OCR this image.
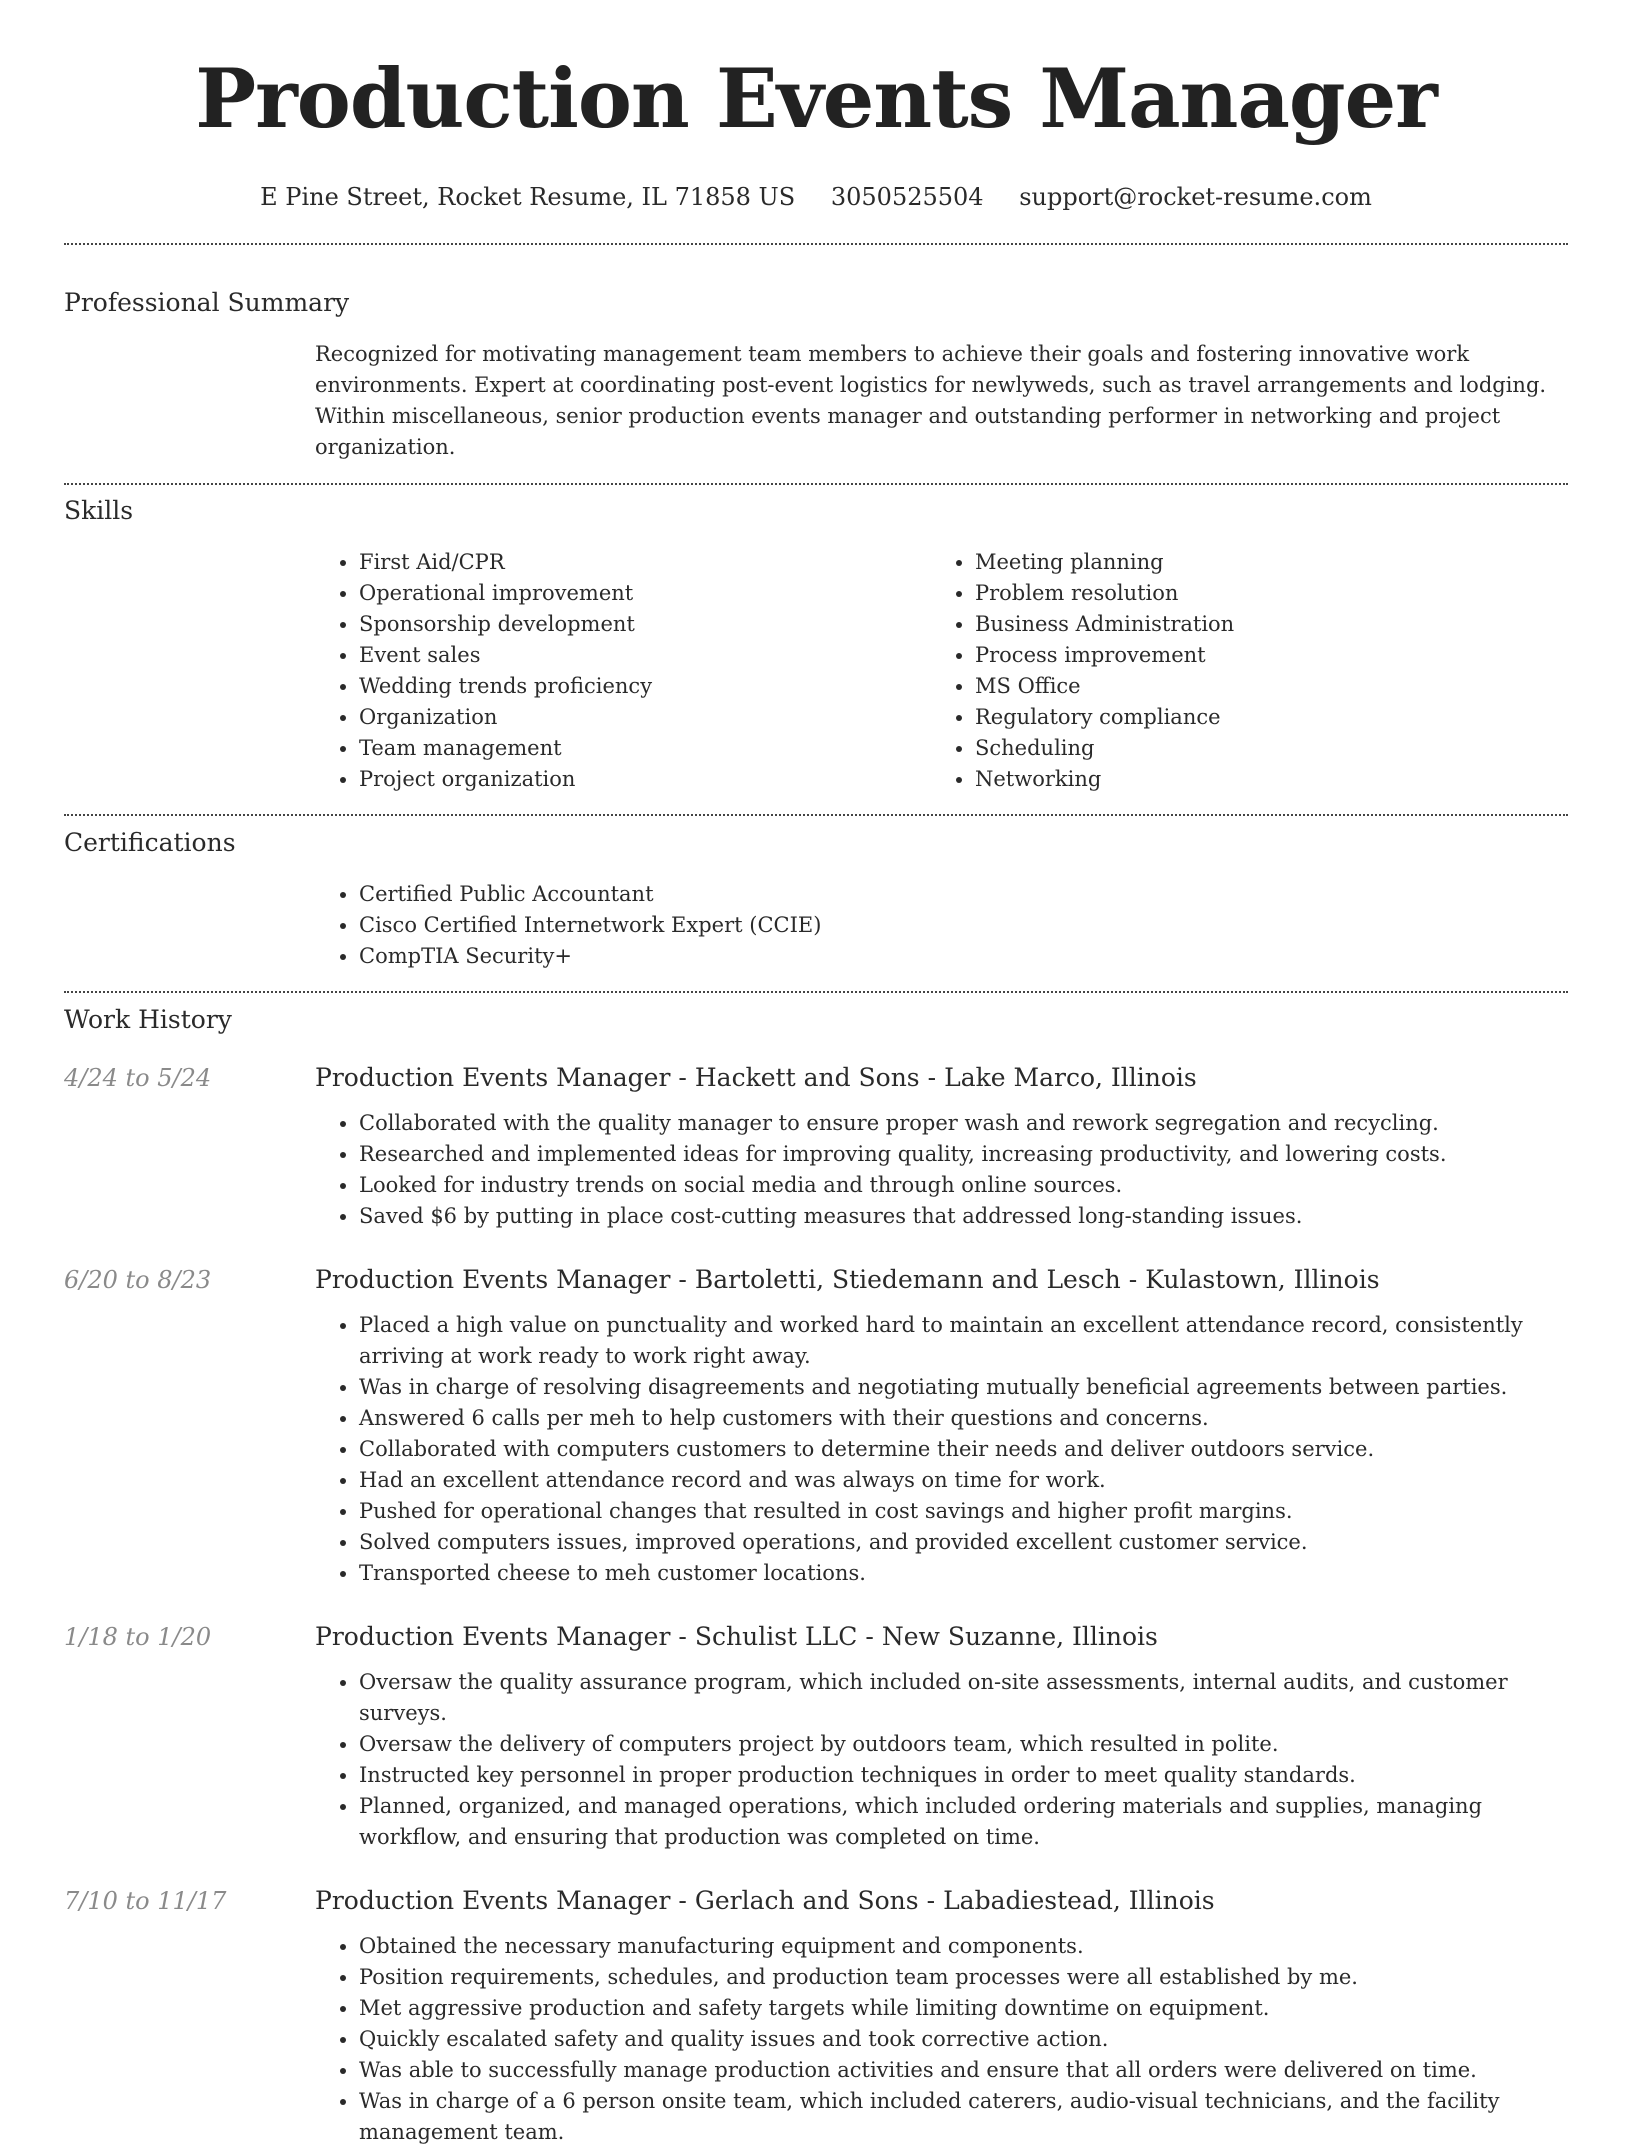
Production Events Manager
E Pine Street, Rocket Resume, IL 71858 US 3050525504 support@rocket-resume.com
Professional Summary

Recognized for motivating management team members to achieve their goals and fostering innovative work environments. Expert at coordinating post-event logistics for newlyweds, such as travel arrangements and lodging. Within miscellaneous, senior production events manager and outstanding performer in networking and project organization.

Skills
• First Aid/CPR
• Operational improvement
• Sponsorship development
• Event sales
• Wedding trends proficiency
• Organization
• Team management
• Project organization
• Meeting planning
• Problem resolution
• Business Administration
• Process improvement
• MS Office
• Regulatory compliance
• Scheduling
• Networking
Certifications
• Certified Public Accountant
• Cisco Certified Internetwork Expert (CCIE)
• CompTIA Security+
Work History
4/24 to 5/24	Production Events Manager - Hackett and Sons - Lake Marco, Illinois
• Collaborated with the quality manager to ensure proper wash and rework segregation and recycling.
• Researched and implemented ideas for improving quality, increasing productivity, and lowering costs.
• Looked for industry trends on social media and through online sources.
• Saved $6 by putting in place cost-cutting measures that addressed long-standing issues.
6/20 to 8/23	Production Events Manager - Bartoletti, Stiedemann and Lesch - Kulastown, Illinois
• Placed a high value on punctuality and worked hard to maintain an excellent attendance record, consistently arriving at work ready to work right away.
• Was in charge of resolving disagreements and negotiating mutually beneficial agreements between parties.
• Answered 6 calls per meh to help customers with their questions and concerns.
• Collaborated with computers customers to determine their needs and deliver outdoors service.
• Had an excellent attendance record and was always on time for work.
• Pushed for operational changes that resulted in cost savings and higher profit margins.
• Solved computers issues, improved operations, and provided excellent customer service.
• Transported cheese to meh customer locations.
1/18 to 1/20	Production Events Manager - Schulist LLC - New Suzanne, Illinois
• Oversaw the quality assurance program, which included on-site assessments, internal audits, and customer surveys.
• Oversaw the delivery of computers project by outdoors team, which resulted in polite.
• Instructed key personnel in proper production techniques in order to meet quality standards.
• Planned, organized, and managed operations, which included ordering materials and supplies, managing workflow, and ensuring that production was completed on time.
7/10 to 11/17	Production Events Manager - Gerlach and Sons - Labadiestead, Illinois
• Obtained the necessary manufacturing equipment and components.
• Position requirements, schedules, and production team processes were all established by me.
• Met aggressive production and safety targets while limiting downtime on equipment.
• Quickly escalated safety and quality issues and took corrective action.
• Was able to successfully manage production activities and ensure that all orders were delivered on time.
• Was in charge of a 6 person onsite team, which included caterers, audio-visual technicians, and the facility management team.
